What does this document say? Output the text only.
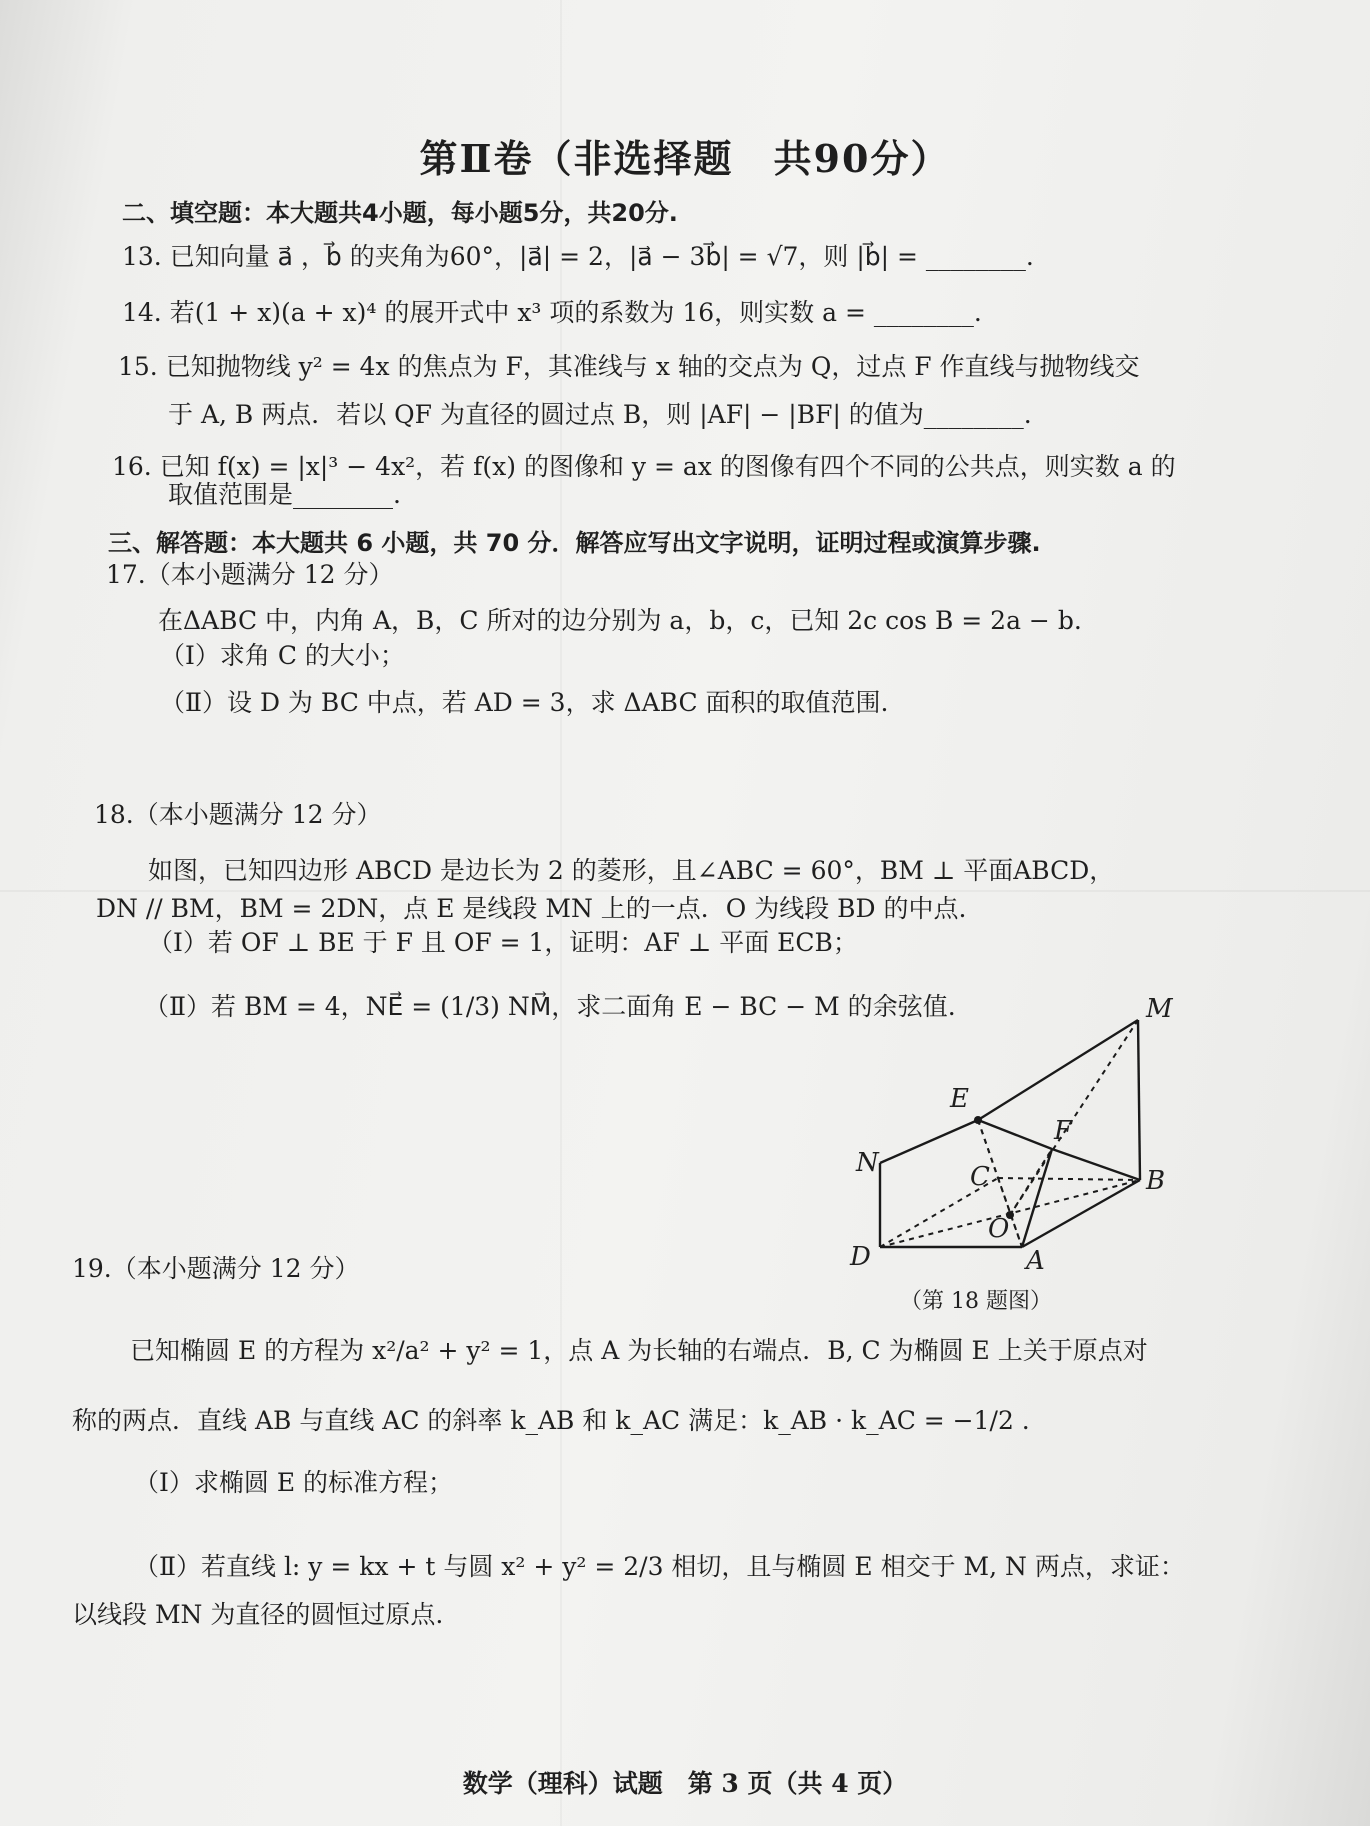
第Ⅱ卷（非选择题　共90分）
二、填空题：本大题共4小题，每小题5分，共20分.
13. 已知向量 a⃗ ，b⃗ 的夹角为60°，|a⃗| = 2，|a⃗ − 3b⃗| = √7，则 |b⃗| = ________.
14. 若(1 + x)(a + x)⁴ 的展开式中 x³ 项的系数为 16，则实数 a = ________.
15. 已知抛物线 y² = 4x 的焦点为 F，其准线与 x 轴的交点为 Q，过点 F 作直线与抛物线交
于 A, B 两点．若以 QF 为直径的圆过点 B，则 |AF| − |BF| 的值为________.
16. 已知 f(x) = |x|³ − 4x²，若 f(x) 的图像和 y = ax 的图像有四个不同的公共点，则实数 a 的
取值范围是________.
三、解答题：本大题共 6 小题，共 70 分．解答应写出文字说明，证明过程或演算步骤.
17.（本小题满分 12 分）
在ΔABC 中，内角 A，B，C 所对的边分别为 a，b，c，已知 2c cos B = 2a − b.
（Ⅰ）求角 C 的大小；
（Ⅱ）设 D 为 BC 中点，若 AD = 3，求 ΔABC 面积的取值范围.
18.（本小题满分 12 分）
如图，已知四边形 ABCD 是边长为 2 的菱形，且∠ABC = 60°，BM ⊥ 平面ABCD，
DN // BM，BM = 2DN，点 E 是线段 MN 上的一点．O 为线段 BD 的中点.
（Ⅰ）若 OF ⊥ BE 于 F 且 OF = 1，证明：AF ⊥ 平面 ECB；
（Ⅱ）若 BM = 4，NE⃗ = (1/3) NM⃗，求二面角 E − BC − M 的余弦值.	M
E
F
N	C	B
O
D	A
（第 18 题图）
19.（本小题满分 12 分）
已知椭圆 E 的方程为 x²/a² + y² = 1，点 A 为长轴的右端点．B, C 为椭圆 E 上关于原点对
称的两点．直线 AB 与直线 AC 的斜率 k_AB 和 k_AC 满足：k_AB · k_AC = −1/2 .
（Ⅰ）求椭圆 E 的标准方程；
（Ⅱ）若直线 l: y = kx + t 与圆 x² + y² = 2/3 相切，且与椭圆 E 相交于 M, N 两点，求证：
以线段 MN 为直径的圆恒过原点.
数学（理科）试题　第 3 页（共 4 页）
